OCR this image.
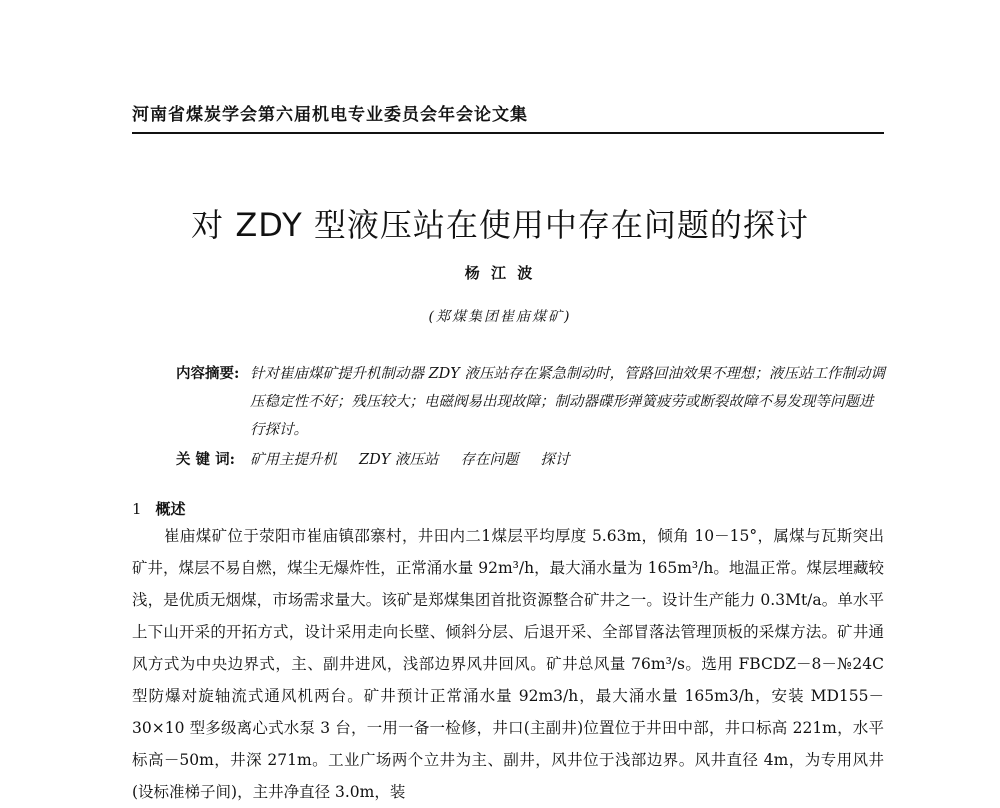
河南省煤炭学会第六届机电专业委员会年会论文集
对 ZDY 型液压站在使用中存在问题的探讨
杨 江 波
(郑煤集团崔庙煤矿)
内容摘要: 针对崔庙煤矿提升机制动器 ZDY 液压站存在紧急制动时，管路回油效果不理想；液压站工作制动调压稳定性不好；残压较大；电磁阀易出现故障；制动器碟形弹簧疲劳或断裂故障不易发现等问题进行探讨。
关 键 词:	矿用主提升机 ZDY 液压站 存在问题 探讨
1 概述
崔庙煤矿位于荥阳市崔庙镇邵寨村，井田内二1煤层平均厚度 5.63m，倾角 10－15°，属煤与瓦斯突出矿井，煤层不易自燃，煤尘无爆炸性，正常涌水量 92m³/h，最大涌水量为 165m³/h。地温正常。煤层埋藏较浅，是优质无烟煤，市场需求量大。该矿是郑煤集团首批资源整合矿井之一。设计生产能力 0.3Mt/a。单水平上下山开采的开拓方式，设计采用走向长壁、倾斜分层、后退开采、全部冒落法管理顶板的采煤方法。矿井通风方式为中央边界式，主、副井进风，浅部边界风井回风。矿井总风量 76m³/s。选用 FBCDZ－8－№24C 型防爆对旋轴流式通风机两台。矿井预计正常涌水量 92m3/h，最大涌水量 165m3/h，安装 MD155－30×10 型多级离心式水泵 3 台，一用一备一检修，井口(主副井)位置位于井田中部，井口标高 221m，水平标高－50m，井深 271m。工业广场两个立井为主、副井，风井位于浅部边界。风井直径 4m，为专用风井(设标准梯子间)，主井净直径 3.0m，装
